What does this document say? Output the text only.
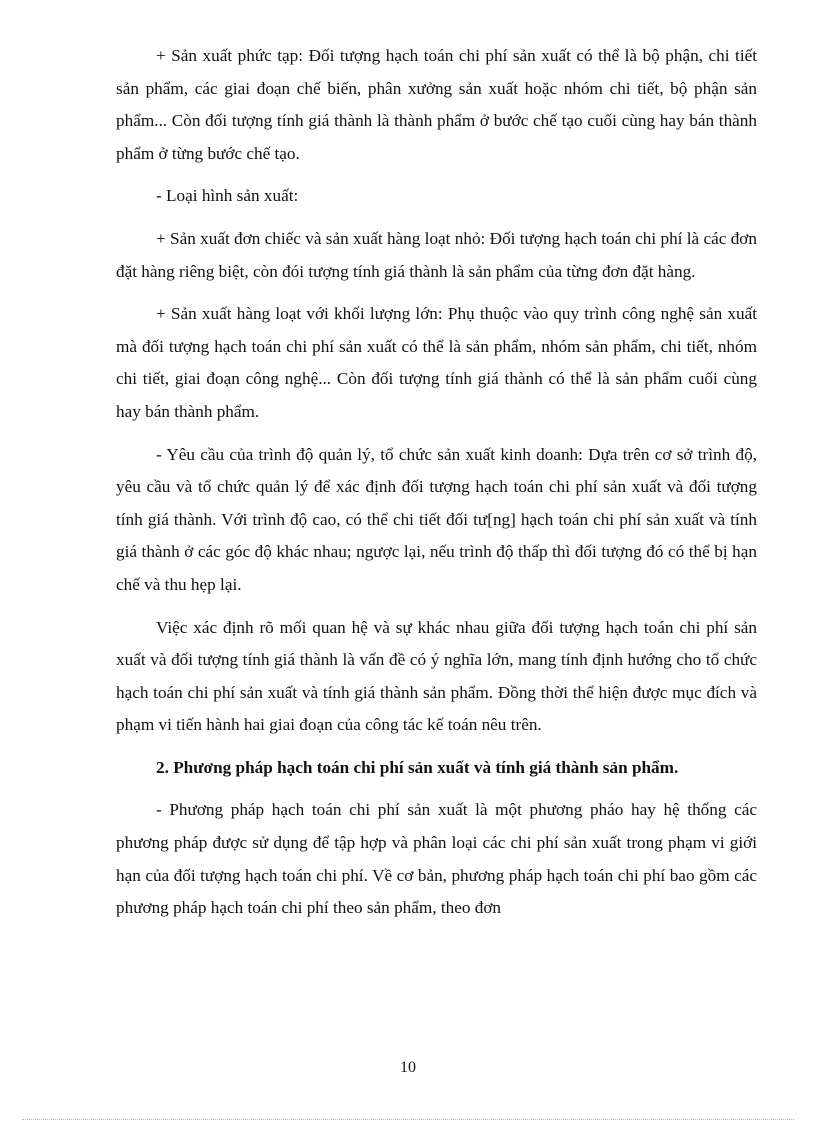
+ Sản xuất phức tạp: Đối tượng hạch toán chi phí sản xuất có thể là bộ phận, chi tiết sản phẩm, các giai đoạn chế biến, phân xưởng sản xuất hoặc nhóm chi tiết, bộ phận sản phẩm... Còn đối tượng tính giá thành là thành phẩm ở bước chế tạo cuối cùng hay bán thành phẩm ở từng bước chế tạo.

- Loại hình sản xuất:

+ Sản xuất đơn chiếc và sản xuất hàng loạt nhỏ: Đối tượng hạch toán chi phí là các đơn đặt hàng riêng biệt, còn đói tượng tính giá thành là sản phẩm của từng đơn đặt hàng.

+ Sản xuất hàng loạt với khối lượng lớn: Phụ thuộc vào quy trình công nghệ sản xuất mà đối tượng hạch toán chi phí sản xuất có thể là sản phẩm, nhóm sản phẩm, chi tiết, nhóm chi tiết, giai đoạn công nghệ... Còn đối tượng tính giá thành có thể là sản phẩm cuối cùng hay bán thành phẩm.

- Yêu cầu của trình độ quản lý, tổ chức sản xuất kinh doanh: Dựa trên cơ sở trình độ, yêu cầu và tổ chức quản lý để xác định đối tượng hạch toán chi phí sản xuất và đối tượng tính giá thành. Với trình độ cao, có thể chi tiết đối tư[ng] hạch toán chi phí sản xuất và tính giá thành ở các góc độ khác nhau; ngược lại, nếu trình độ thấp thì đối tượng đó có thể bị hạn chế và thu hẹp lại.

Việc xác định rõ mối quan hệ và sự khác nhau giữa đối tượng hạch toán chi phí sản xuất và đối tượng tính giá thành là vấn đề có ý nghĩa lớn, mang tính định hướng cho tổ chức hạch toán chi phí sản xuất và tính giá thành sản phẩm. Đồng thời thể hiện được mục đích và phạm vi tiến hành hai giai đoạn của công tác kế toán nêu trên.

2. Phương pháp hạch toán chi phí sản xuất và tính giá thành sản phẩm.

- Phương pháp hạch toán chi phí sản xuất là một phương pháo hay hệ thống các phương pháp được sử dụng để tập hợp và phân loại các chi phí sản xuất trong phạm vi giới hạn của đối tượng hạch toán chi phí. Về cơ bản, phương pháp hạch toán chi phí bao gồm các phương pháp hạch toán chi phí theo sản phẩm, theo đơn

10
